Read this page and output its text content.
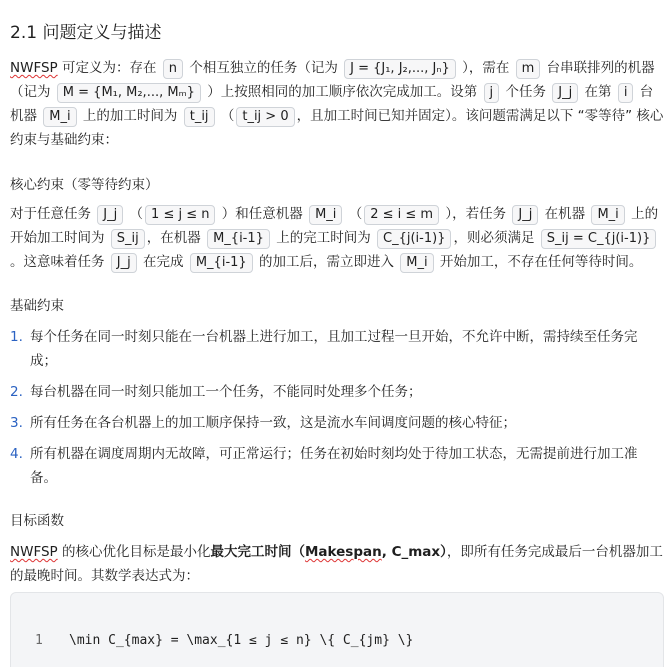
2.1 问题定义与描述

NWFSP 可定义为：存在 n 个相互独立的任务（记为 J = {J₁, J₂,..., Jₙ} ），需在 m 台串联排列的机器（记为 M = {M₁, M₂,..., Mₘ} ）上按照相同的加工顺序依次完成加工。设第 j 个任务 J_j 在第 i 台机器 M_i 上的加工时间为 t_ij （ t_ij > 0 ，且加工时间已知并固定）。该问题需满足以下 “零等待” 核心约束与基础约束：

核心约束（零等待约束）

对于任意任务 J_j （ 1 ≤ j ≤ n ）和任意机器 M_i （ 2 ≤ i ≤ m ），若任务 J_j 在机器 M_i 上的开始加工时间为 S_ij ，在机器 M_{i-1} 上的完工时间为 C_{j(i-1)} ，则必须满足 S_ij = C_{j(i-1)}。这意味着任务 J_j 在完成 M_{i-1} 的加工后，需立即进入 M_i 开始加工，不存在任何等待时间。

基础约束
1. 每个任务在同一时刻只能在一台机器上进行加工，且加工过程一旦开始，不允许中断，需持续至任务完成；
2. 每台机器在同一时刻只能加工一个任务，不能同时处理多个任务；
3. 所有任务在各台机器上的加工顺序保持一致，这是流水车间调度问题的核心特征；
4. 所有机器在调度周期内无故障，可正常运行；任务在初始时刻均处于待加工状态，无需提前进行加工准备。
目标函数

NWFSP 的核心优化目标是最小化最大完工时间（Makespan, C_max），即所有任务完成最后一台机器加工的最晚时间。其数学表达式为：

1 \min C_{max} = \max_{1 ≤ j ≤ n} \{ C_{jm} \}
